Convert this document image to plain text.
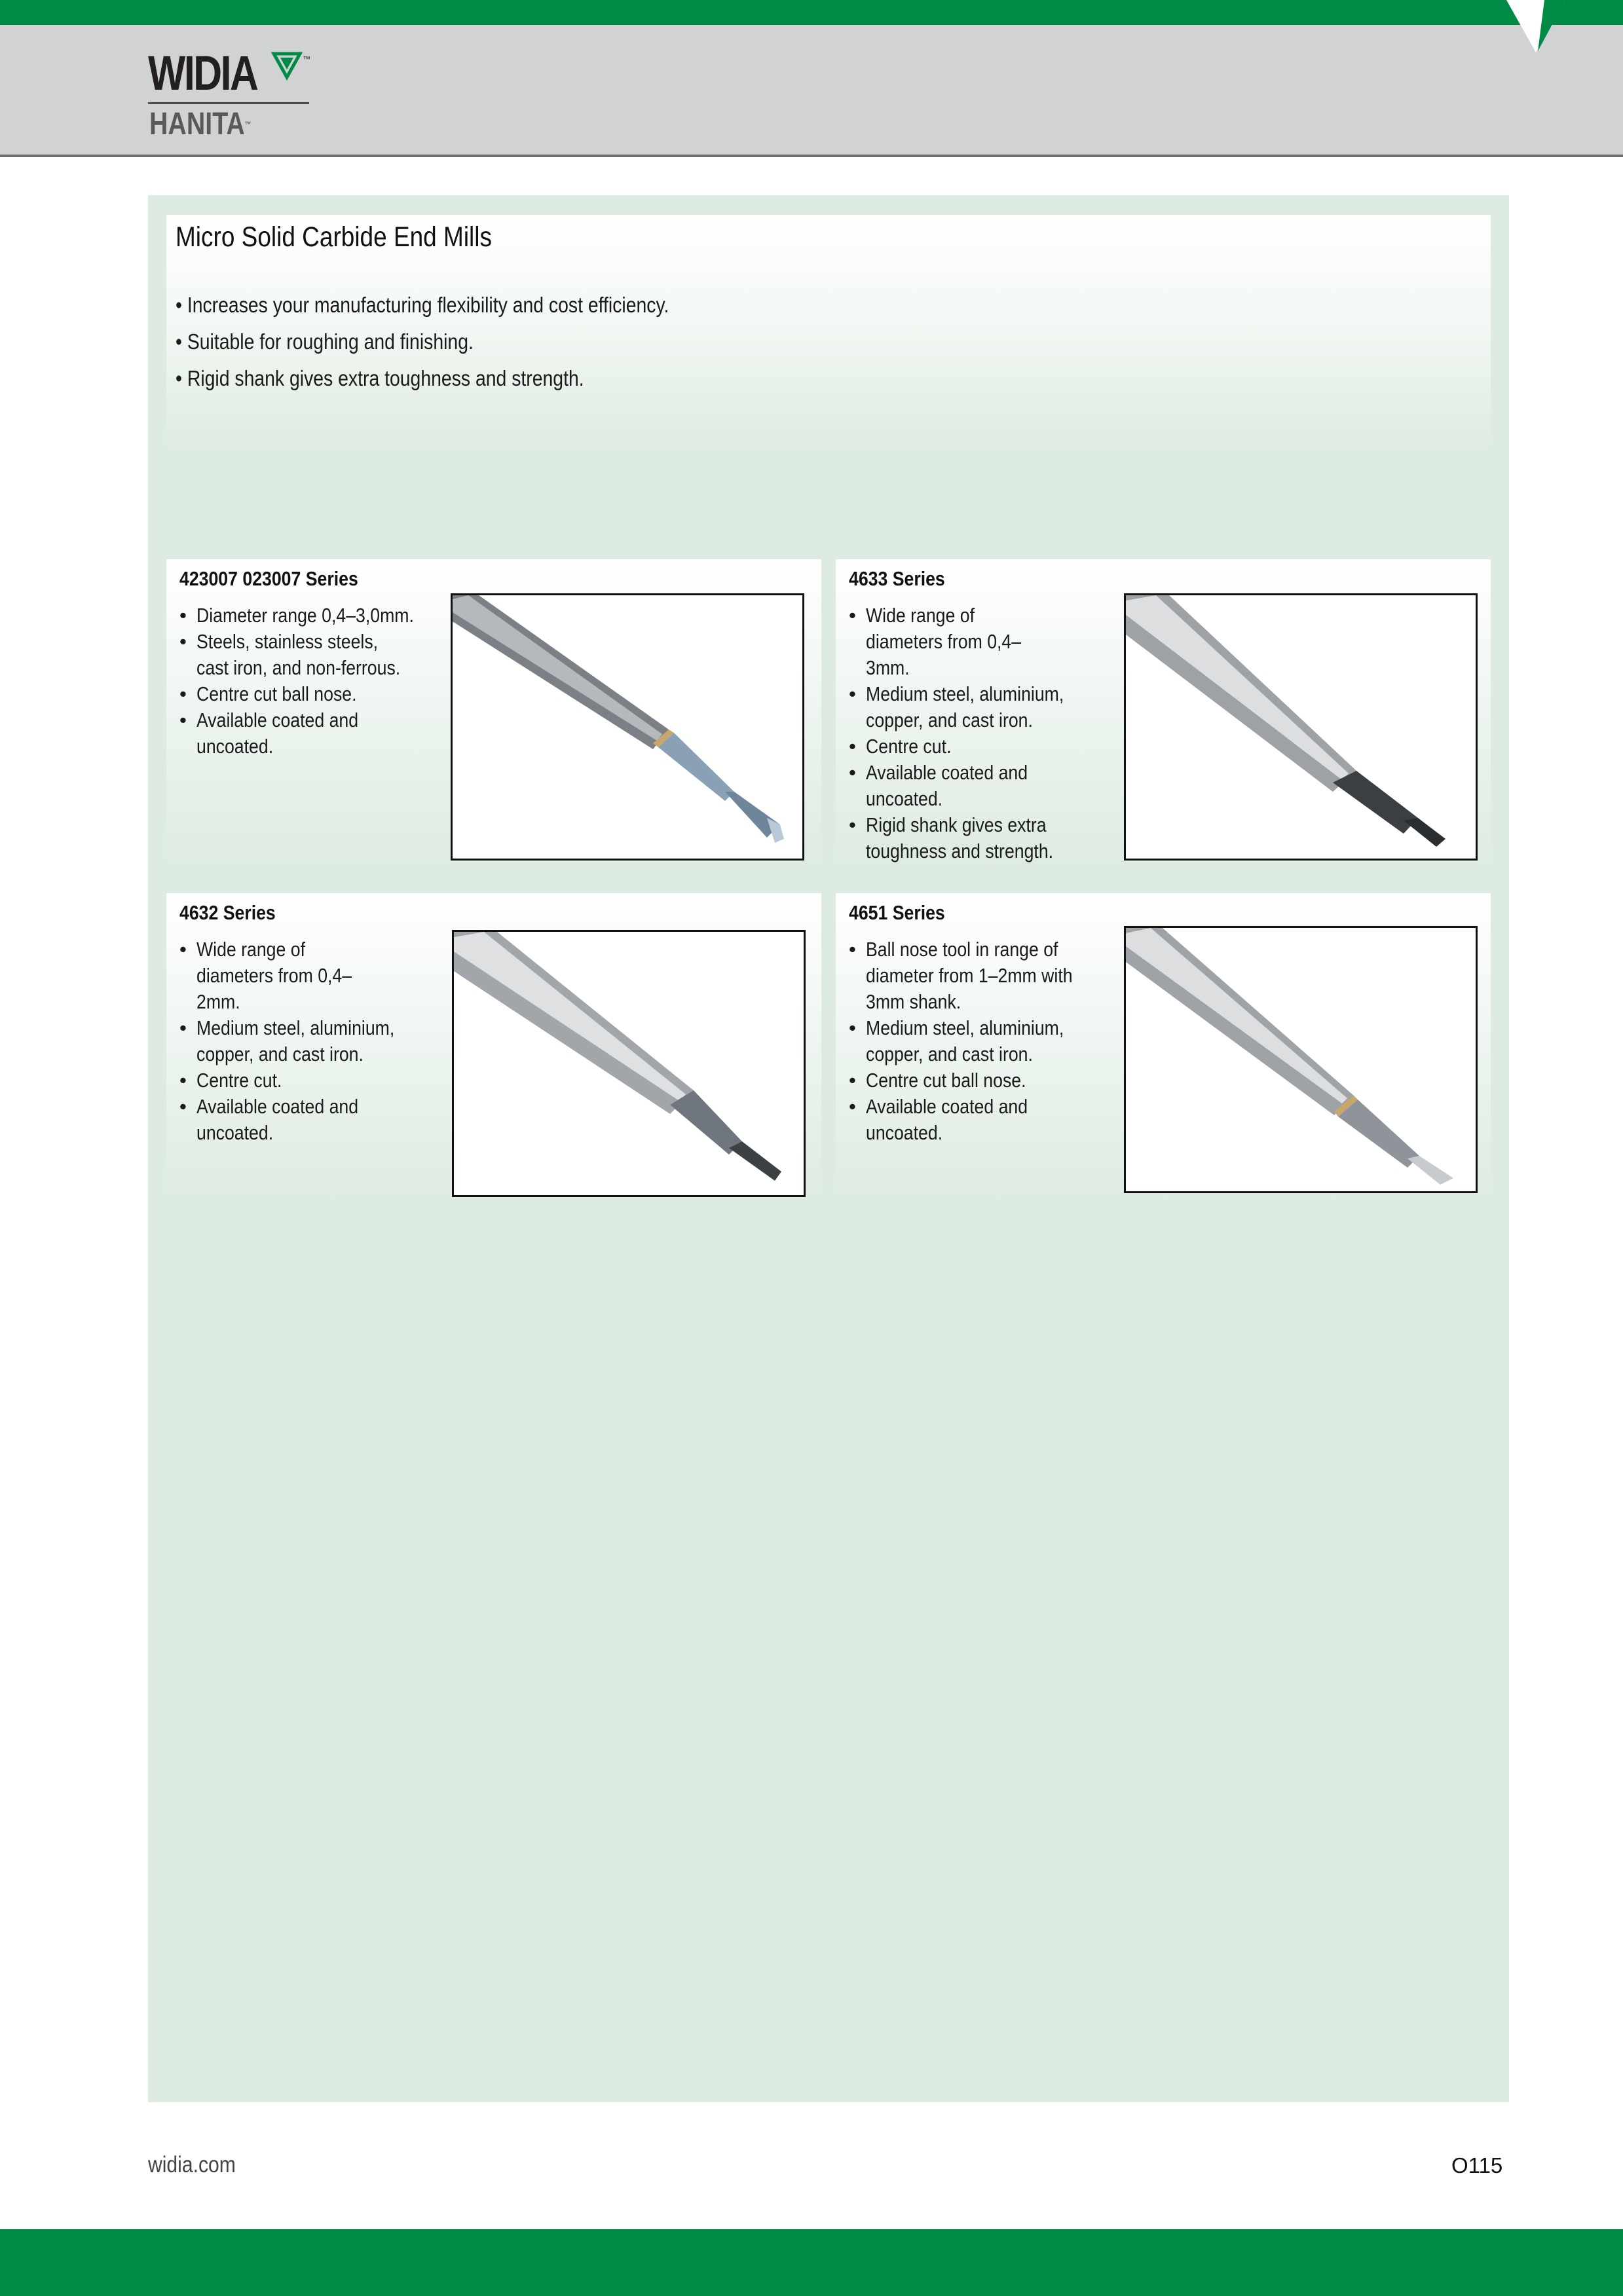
WIDIA	™
HANITA™
Micro Solid Carbide End Mills
• Increases your manufacturing flexibility and cost efficiency.
• Suitable for roughing and finishing.
• Rigid shank gives extra toughness and strength.
423007 023007 Series
• Diameter range 0,4–3,0mm.
• Steels, stainless steels, cast iron, and non-ferrous.
• Centre cut ball nose.
• Available coated and uncoated.
4633 Series
• Wide range of diameters from 0,4–3mm.
• Medium steel, aluminium, copper, and cast iron.
• Centre cut.
• Available coated and uncoated.
• Rigid shank gives extra toughness and strength.
4632 Series
• Wide range of diameters from 0,4–2mm.
• Medium steel, aluminium, copper, and cast iron.
• Centre cut.
• Available coated and uncoated.
4651 Series
• Ball nose tool in range of diameter from 1–2mm with 3mm shank.
• Medium steel, aluminium, copper, and cast iron.
• Centre cut ball nose.
• Available coated and uncoated.
widia.com	O115
